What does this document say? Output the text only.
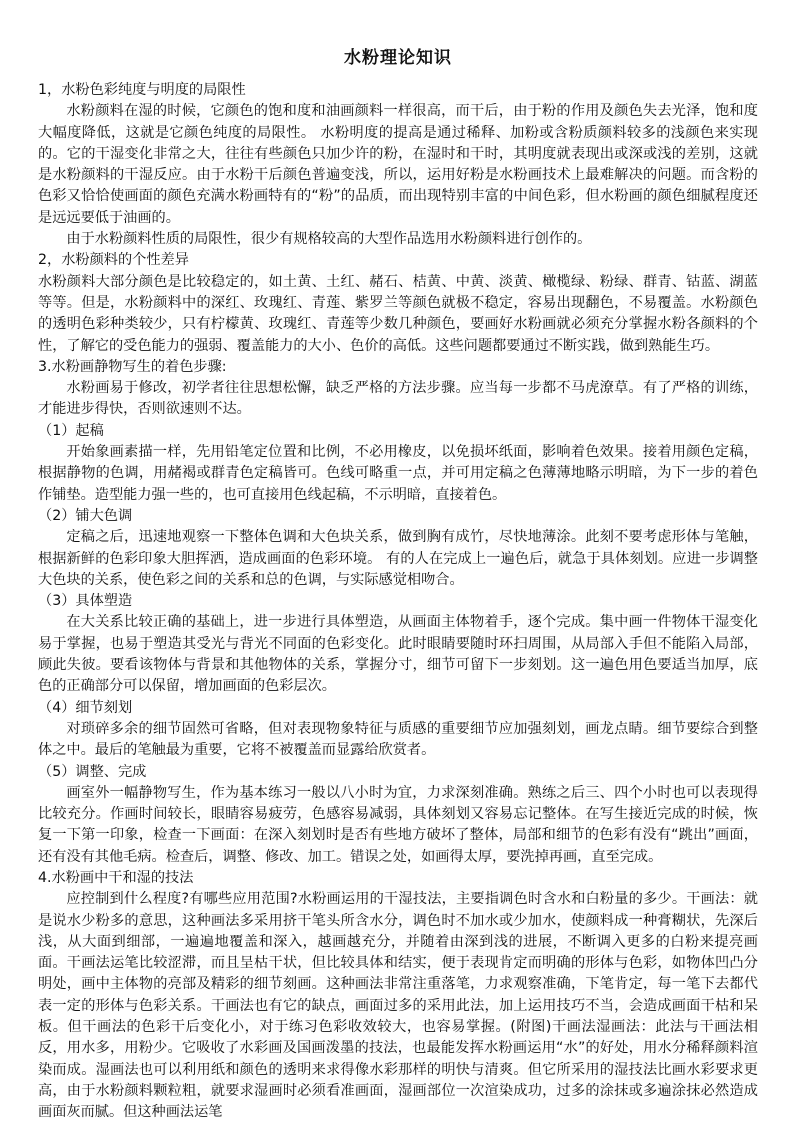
水粉理论知识
1，水粉色彩纯度与明度的局限性

水粉颜料在湿的时候，它颜色的饱和度和油画颜料一样很高，而干后，由于粉的作用及颜色失去光泽，饱和度大幅度降低，这就是它颜色纯度的局限性。 水粉明度的提高是通过稀释、加粉或含粉质颜料较多的浅颜色来实现的。它的干湿变化非常之大，往往有些颜色只加少许的粉，在湿时和干时，其明度就表现出或深或浅的差别，这就是水粉颜料的干湿反应。由于水粉干后颜色普遍变浅，所以，运用好粉是水粉画技术上最难解决的问题。而含粉的色彩又恰恰使画面的颜色充满水粉画特有的“粉”的品质，而出现特别丰富的中间色彩，但水粉画的颜色细腻程度还是远远要低于油画的。

由于水粉颜料性质的局限性，很少有规格较高的大型作品选用水粉颜料进行创作的。

2，水粉颜料的个性差异

水粉颜料大部分颜色是比较稳定的，如土黄、土红、赭石、桔黄、中黄、淡黄、橄榄绿、粉绿、群青、钴蓝、湖蓝等等。但是，水粉颜料中的深红、玫瑰红、青莲、紫罗兰等颜色就极不稳定，容易出现翻色，不易覆盖。水粉颜色的透明色彩种类较少，只有柠檬黄、玫瑰红、青莲等少数几种颜色，要画好水粉画就必须充分掌握水粉各颜料的个性，了解它的受色能力的强弱、覆盖能力的大小、色价的高低。这些问题都要通过不断实践，做到熟能生巧。

3.水粉画静物写生的着色步骤:

水粉画易于修改，初学者往往思想松懈，缺乏严格的方法步骤。应当每一步都不马虎潦草。有了严格的训练，才能进步得快，否则欲速则不达。

（1）起稿

开始象画素描一样，先用铅笔定位置和比例，不必用橡皮，以免损坏纸面，影响着色效果。接着用颜色定稿，根据静物的色调，用赭褐或群青色定稿皆可。色线可略重一点，并可用定稿之色薄薄地略示明暗，为下一步的着色作铺垫。造型能力强一些的，也可直接用色线起稿，不示明暗，直接着色。

（2）铺大色调

定稿之后，迅速地观察一下整体色调和大色块关系，做到胸有成竹，尽快地薄涂。此刻不要考虑形体与笔触，根据新鲜的色彩印象大胆挥洒，造成画面的色彩环境。 有的人在完成上一遍色后，就急于具体刻划。应进一步调整大色块的关系，使色彩之间的关系和总的色调，与实际感觉相吻合。

（3）具体塑造

在大关系比较正确的基础上，进一步进行具体塑造，从画面主体物着手，逐个完成。集中画一件物体干湿变化易于掌握，也易于塑造其受光与背光不同面的色彩变化。此时眼睛要随时环扫周围，从局部入手但不能陷入局部，顾此失彼。要看该物体与背景和其他物体的关系，掌握分寸，细节可留下一步刻划。这一遍色用色要适当加厚，底色的正确部分可以保留，增加画面的色彩层次。

（4）细节刻划

对琐碎多余的细节固然可省略，但对表现物象特征与质感的重要细节应加强刻划，画龙点睛。细节要综合到整体之中。最后的笔触最为重要，它将不被覆盖而显露给欣赏者。

（5）调整、完成

画室外一幅静物写生，作为基本练习一般以八小时为宜，力求深刻准确。熟练之后三、四个小时也可以表现得比较充分。作画时间较长，眼睛容易疲劳，色感容易减弱，具体刻划又容易忘记整体。在写生接近完成的时候，恢复一下第一印象，检查一下画面：在深入刻划时是否有些地方破坏了整体，局部和细节的色彩有没有“跳出”画面，还有没有其他毛病。检查后，调整、修改、加工。错误之处，如画得太厚，要洗掉再画，直至完成。

4.水粉画中干和湿的技法

应控制到什么程度?有哪些应用范围?水粉画运用的干湿技法，主要指调色时含水和白粉量的多少。干画法：就是说水少粉多的意思，这种画法多采用挤干笔头所含水分，调色时不加水或少加水，使颜料成一种膏糊状，先深后浅，从大面到细部，一遍遍地覆盖和深入，越画越充分，并随着由深到浅的进展，不断调入更多的白粉来提亮画面。干画法运笔比较涩滞，而且呈枯干状，但比较具体和结实，便于表现肯定而明确的形体与色彩，如物体凹凸分明处，画中主体物的亮部及精彩的细节刻画。这种画法非常注重落笔，力求观察准确，下笔肯定，每一笔下去都代表一定的形体与色彩关系。干画法也有它的缺点，画面过多的采用此法，加上运用技巧不当，会造成画面干枯和呆板。但干画法的色彩干后变化小，对于练习色彩收效较大，也容易掌握。(附图)干画法湿画法：此法与干画法相反，用水多，用粉少。它吸收了水彩画及国画泼墨的技法，也最能发挥水粉画运用“水”的好处，用水分稀释颜料渲染而成。湿画法也可以利用纸和颜色的透明来求得像水彩那样的明快与清爽。但它所采用的湿技法比画水彩要求更高，由于水粉颜料颗粒粗，就要求湿画时必须看准画面，湿画部位一次渲染成功，过多的涂抹或多遍涂抹必然造成画面灰而腻。但这种画法运笔
